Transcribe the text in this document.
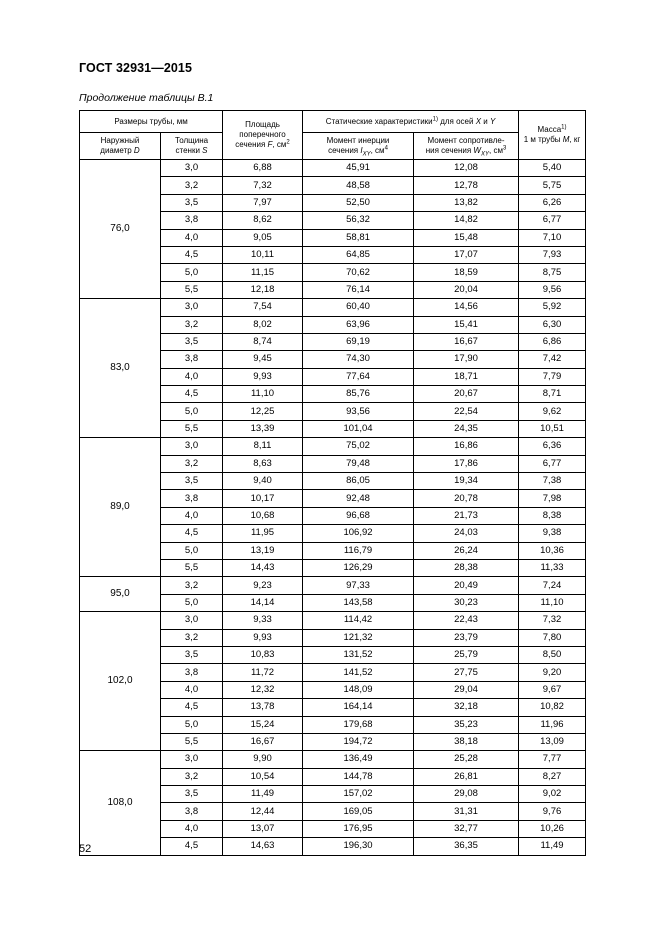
ГОСТ 32931—2015
Продолжение таблицы В.1
Размеры трубы, мм		Площадь
поперечного
сечения F, $см^2$	Статические характеристики$^{1)}$ для осей X и Y		Масса$^{1)}$
1 м трубы M, кг
Наружный
диаметр D	Толщина
стенки S		Момент инерции
сечения $I_{XY}$, $см^4$	Момент сопротивле-
ния сечения $W_{XY}$, $см^3$
76,0	3,0	6,88	45,91	12,08	5,40
	3,2	7,32	48,58	12,78	5,75
	3,5	7,97	52,50	13,82	6,26
	3,8	8,62	56,32	14,82	6,77
	4,0	9,05	58,81	15,48	7,10
	4,5	10,11	64,85	17,07	7,93
	5,0	11,15	70,62	18,59	8,75
	5,5	12,18	76,14	20,04	9,56
83,0	3,0	7,54	60,40	14,56	5,92
	3,2	8,02	63,96	15,41	6,30
	3,5	8,74	69,19	16,67	6,86
	3,8	9,45	74,30	17,90	7,42
	4,0	9,93	77,64	18,71	7,79
	4,5	11,10	85,76	20,67	8,71
	5,0	12,25	93,56	22,54	9,62
	5,5	13,39	101,04	24,35	10,51
89,0	3,0	8,11	75,02	16,86	6,36
	3,2	8,63	79,48	17,86	6,77
	3,5	9,40	86,05	19,34	7,38
	3,8	10,17	92,48	20,78	7,98
	4,0	10,68	96,68	21,73	8,38
	4,5	11,95	106,92	24,03	9,38
	5,0	13,19	116,79	26,24	10,36
	5,5	14,43	126,29	28,38	11,33
95,0	3,2	9,23	97,33	20,49	7,24
	5,0	14,14	143,58	30,23	11,10
102,0	3,0	9,33	114,42	22,43	7,32
	3,2	9,93	121,32	23,79	7,80
	3,5	10,83	131,52	25,79	8,50
	3,8	11,72	141,52	27,75	9,20
	4,0	12,32	148,09	29,04	9,67
	4,5	13,78	164,14	32,18	10,82
	5,0	15,24	179,68	35,23	11,96
	5,5	16,67	194,72	38,18	13,09
108,0	3,0	9,90	136,49	25,28	7,77
	3,2	10,54	144,78	26,81	8,27
	3,5	11,49	157,02	29,08	9,02
	3,8	12,44	169,05	31,31	9,76
	4,0	13,07	176,95	32,77	10,26
	4,5	14,63	196,30	36,35	11,49
52
